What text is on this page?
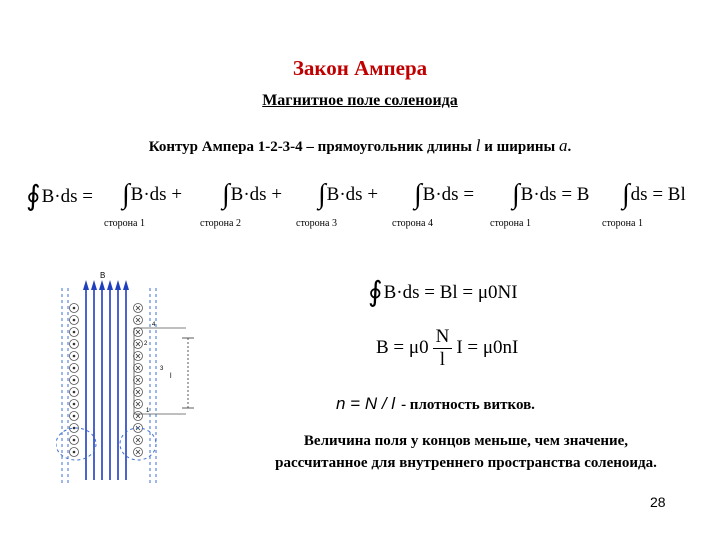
Закон Ампера
Магнитное поле соленоида
Контур Ампера 1-2-3-4 – прямоугольник длины l и ширины a.
∮B·ds = ∫B·ds + ∫B·ds + ∫B·ds + ∫B·ds = ∫B·ds = B ∫ds = Bl
сторона 1	сторона 2	сторона 3	сторона 4	сторона 1	сторона 1
∮B·ds = Bl = μ0NI
$B = \mu 0 \frac{N}{l}$ I = μ0nI
n = N / l - плотность витков.
Величина поля у концов меньше, чем значение,
рассчитанное для внутреннего пространства соленоида.
28
B
l
4
2
1
3
